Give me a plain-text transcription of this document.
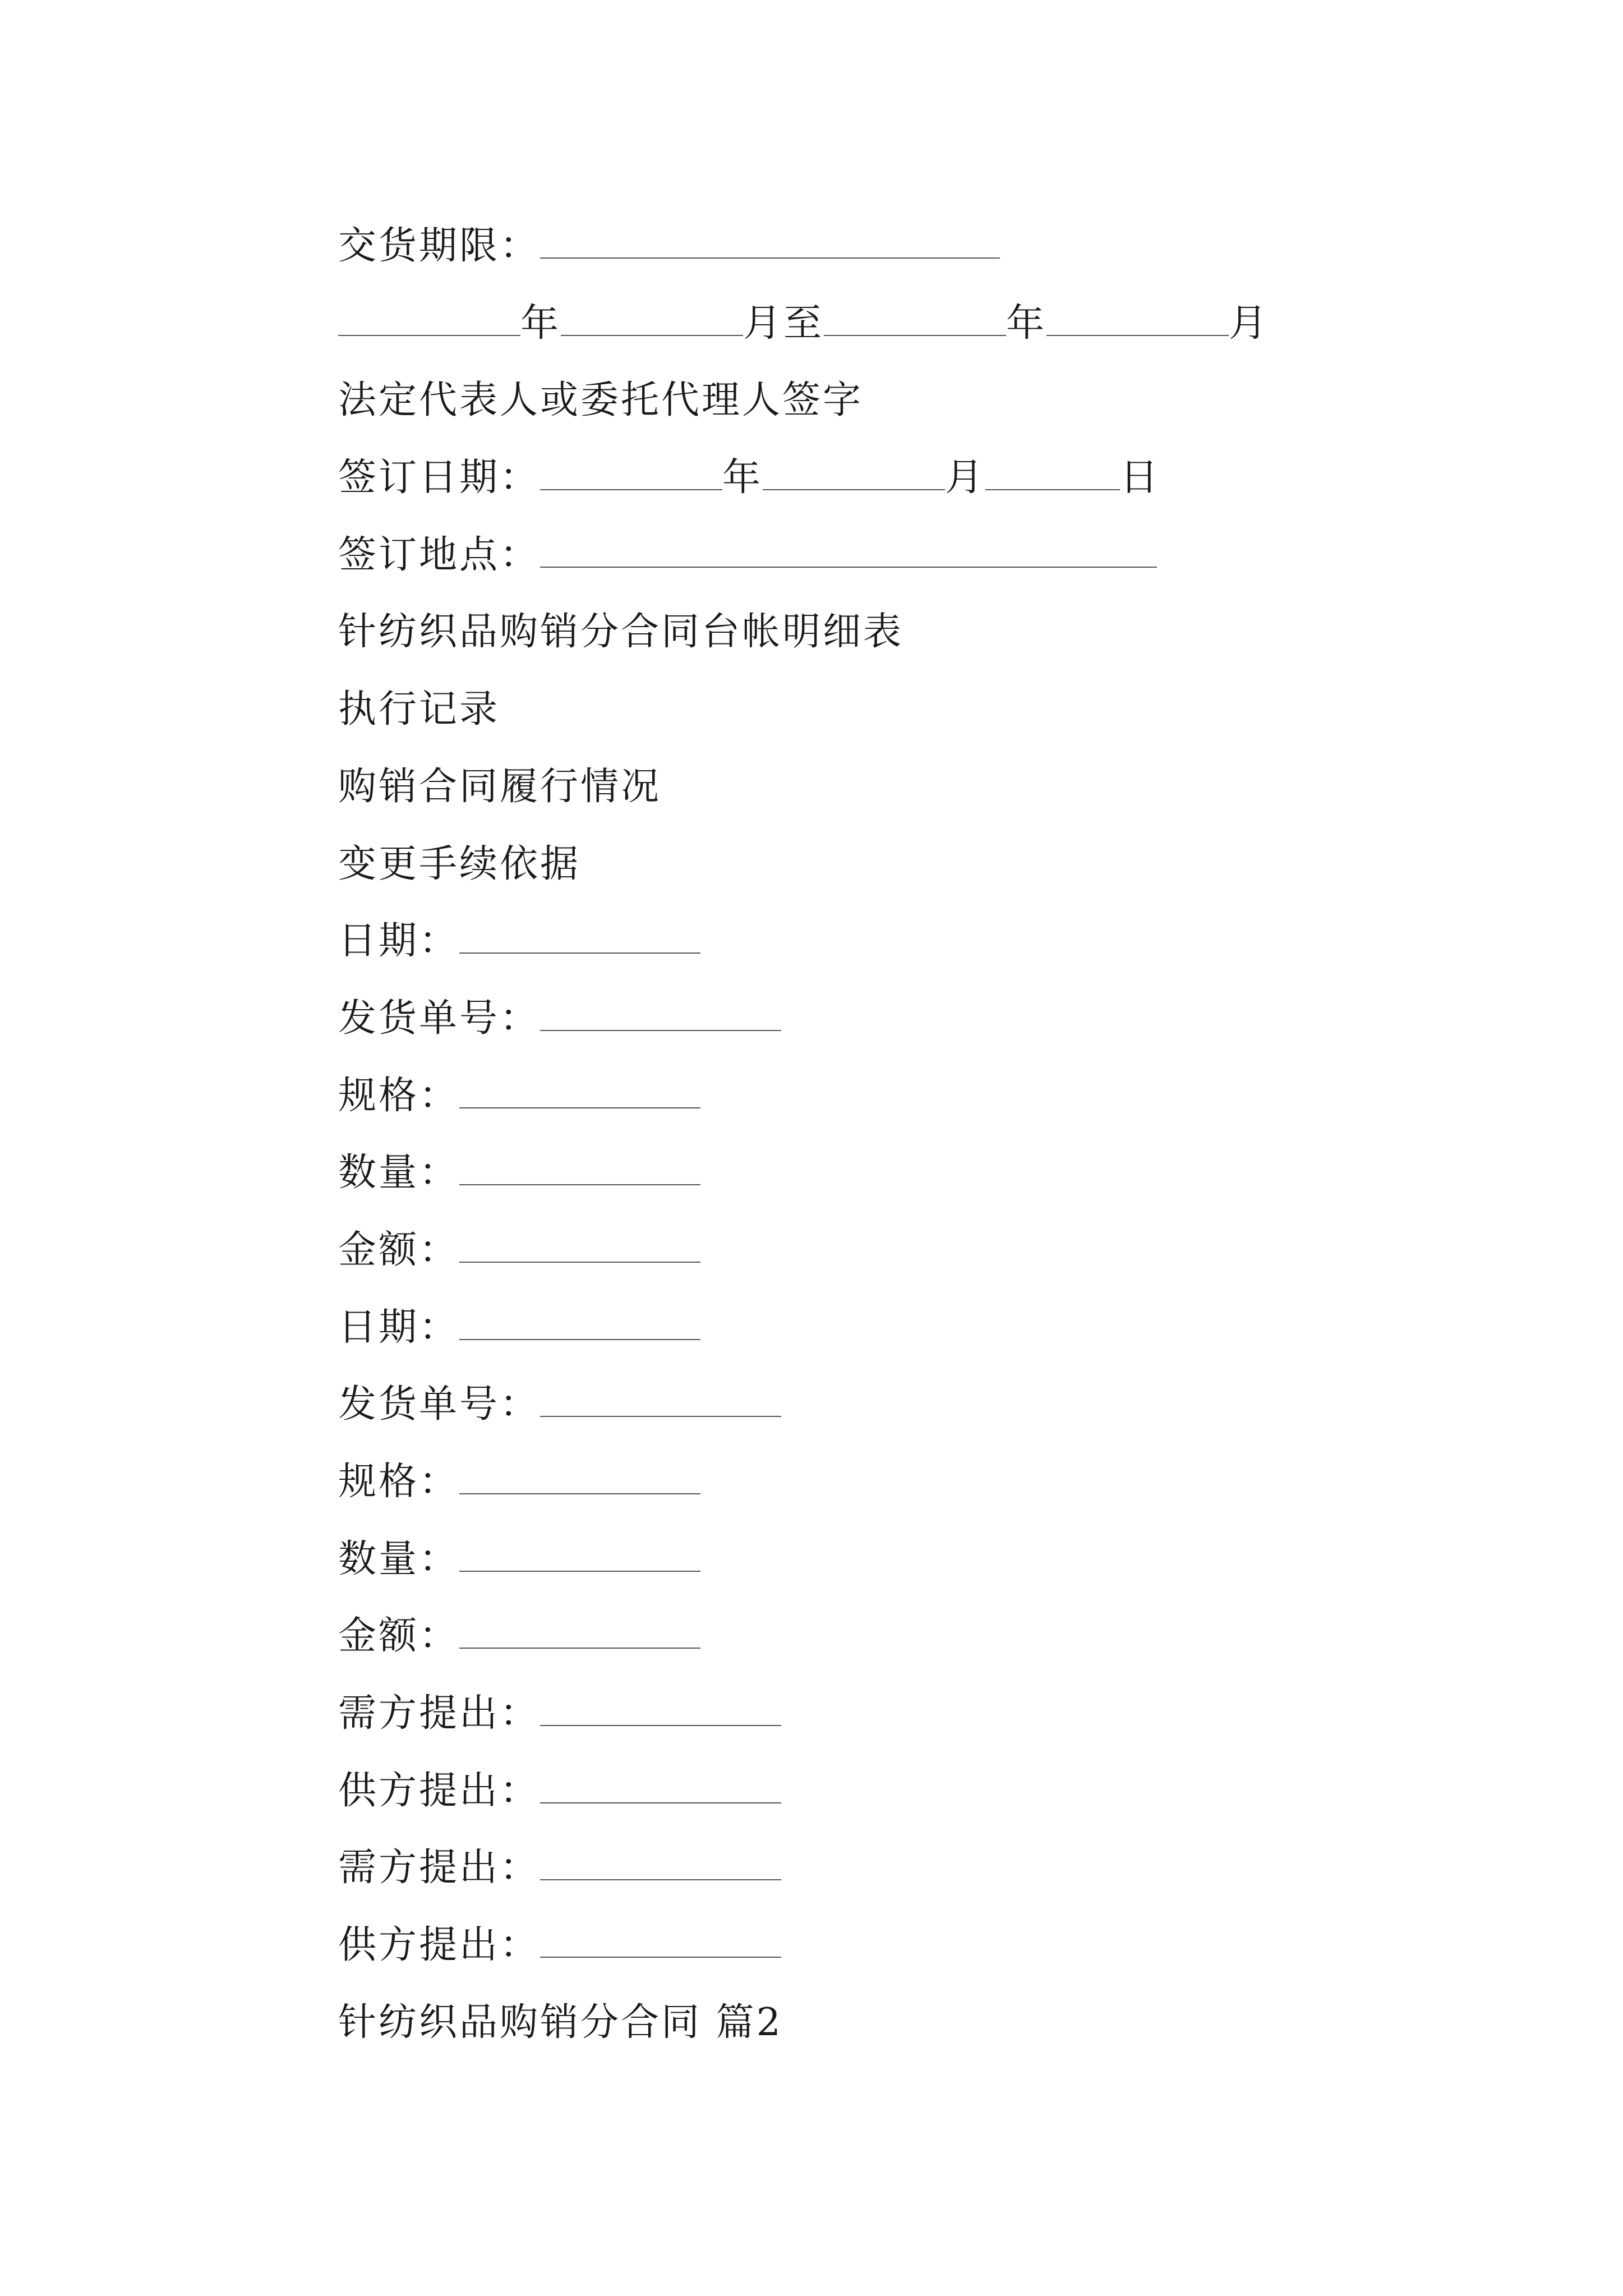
交货期限：
年	月至	年	月
法定代表人或委托代理人签字
签订日期：	年	月	日
签订地点：
针纺织品购销分合同台帐明细表
执行记录
购销合同履行情况
变更手续依据
日期：
发货单号：
规格：
数量：
金额：
日期：
发货单号：
规格：
数量：
金额：
需方提出：
供方提出：
需方提出：
供方提出：
针纺织品购销分合同 篇2
